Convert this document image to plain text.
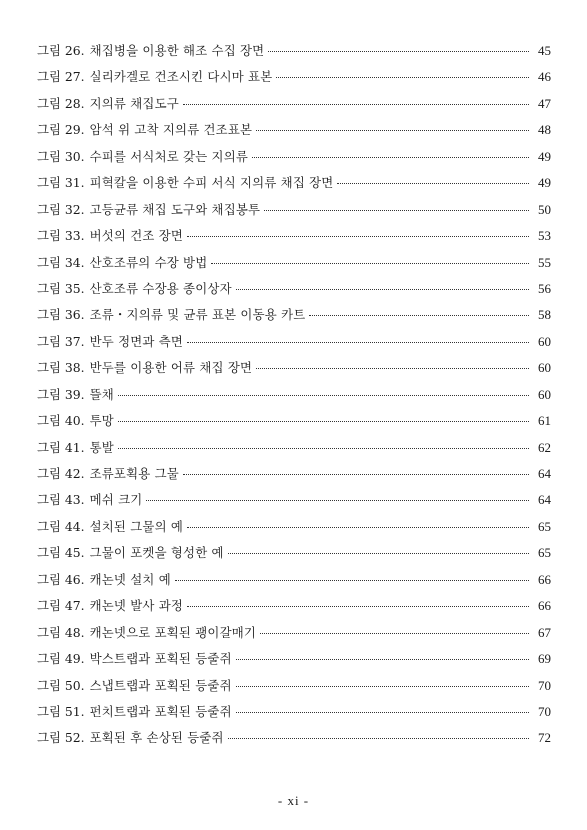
그림 26. 채집병을 이용한 해조 수집 장면	45
그림 27. 실리카겔로 건조시킨 다시마 표본	46
그림 28. 지의류 채집도구	47
그림 29. 암석 위 고착 지의류 건조표본	48
그림 30. 수피를 서식처로 갖는 지의류	49
그림 31. 피혁칼을 이용한 수피 서식 지의류 채집 장면	49
그림 32. 고등균류 채집 도구와 채집봉투	50
그림 33. 버섯의 건조 장면	53
그림 34. 산호조류의 수장 방법	55
그림 35. 산호조류 수장용 종이상자	56
그림 36. 조류・지의류 및 균류 표본 이동용 카트	58
그림 37. 반두 정면과 측면	60
그림 38. 반두를 이용한 어류 채집 장면	60
그림 39. 뜰채	60
그림 40. 투망	61
그림 41. 통발	62
그림 42. 조류포획용 그물	64
그림 43. 메쉬 크기	64
그림 44. 설치된 그물의 예	65
그림 45. 그물이 포켓을 형성한 예	65
그림 46. 캐논넷 설치 예	66
그림 47. 캐논넷 발사 과정	66
그림 48. 캐논넷으로 포획된 괭이갈매기	67
그림 49. 박스트랩과 포획된 등줄쥐	69
그림 50. 스냅트랩과 포획된 등줄쥐	70
그림 51. 펀치트랩과 포획된 등줄쥐	70
그림 52. 포획된 후 손상된 등줄쥐	72
- xi -
